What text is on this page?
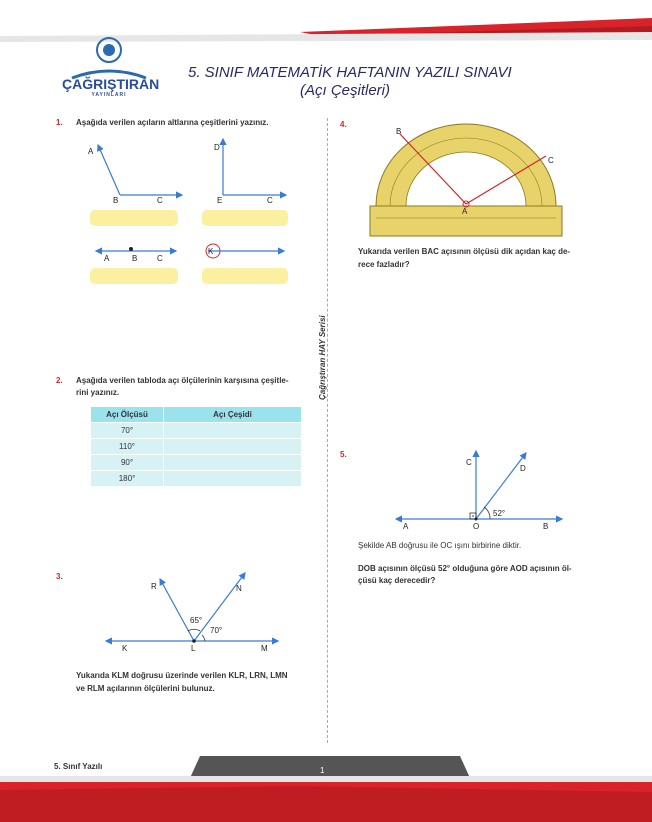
ÇAĞRIŞTIRAN
YAYINLARI
5. SINIF MATEMATİK HAFTANIN YAZILI SINAVI
(Açı Çeşitleri)
Çağrıştıran HAY Serisi
1. Aşağıda verilen açıların altlarına çeşitlerini yazınız.
A
B	C
D
E	C
A	B C
K
2. Aşağıda verilen tabloda açı ölçülerinin karşısına çeşitle-
rini yazınız.
Açı Ölçüsü	Açı Çeşidi
70°	
110°	
90°	
180°	
3.
R	N
65°
70°
K	L	M
Yukarıda KLM doğrusu üzerinde verilen KLR, LRN, LMN
ve RLM açılarının ölçülerini bulunuz.
4.
B
C
A
Yukarıda verilen BAC açısının ölçüsü dik açıdan kaç de-
rece fazladır?
5.
C
D
52°
A	O	B
Şekilde AB doğrusu ile OC ışını birbirine diktir.
DOB açısının ölçüsü 52° olduğuna göre AOD açısının öl-
çüsü kaç derecedir?
5. Sınıf Yazılı	1
